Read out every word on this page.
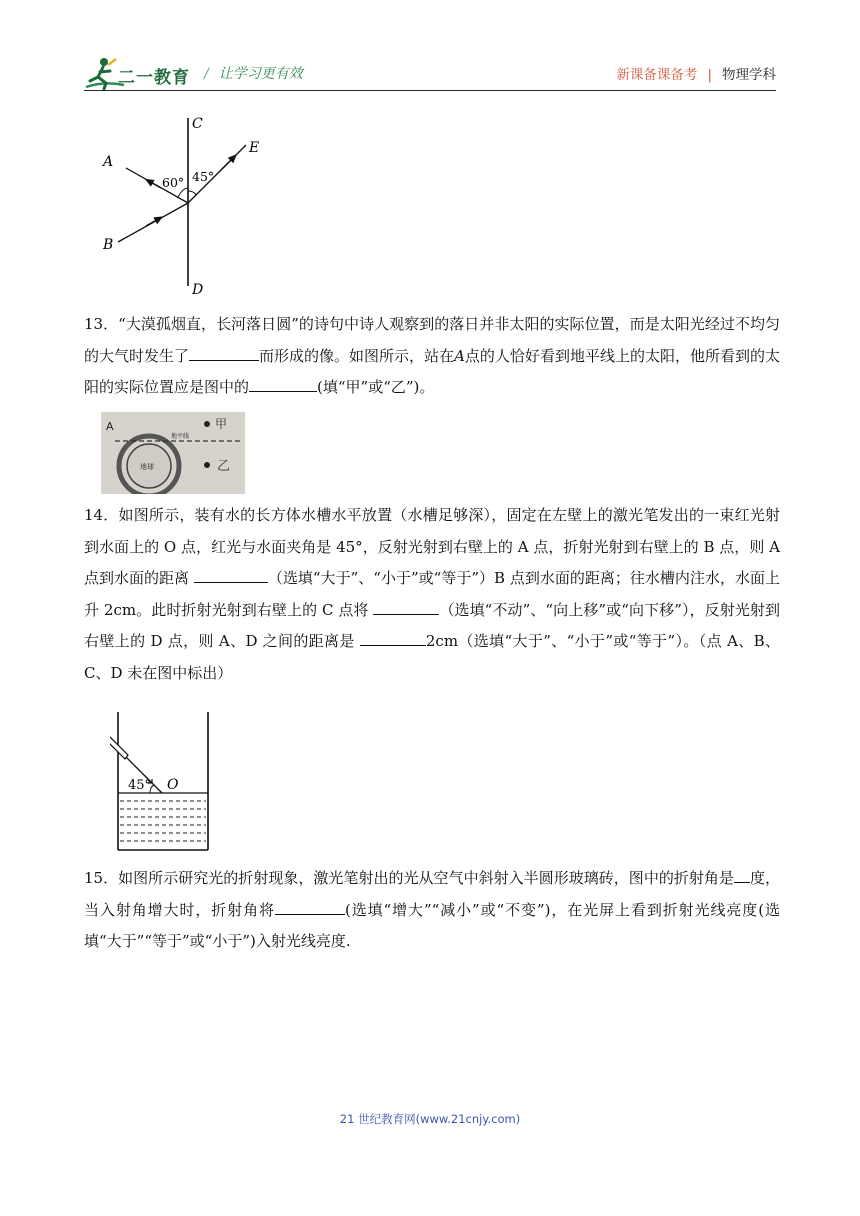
二一教育 / 让学习更有效	新课备课备考 | 物理学科
C
D
A
B
E
60° 45°

13．“大漠孤烟直，长河落日圆”的诗句中诗人观察到的落日并非太阳的实际位置，而是太阳光经过不均匀的大气时发生了	而形成的像。如图所示，站在A点的人恰好看到地平线上的太阳，他所看到的太阳的实际位置应是图中的	(填“甲”或“乙”)。

A
地平线
地球
甲
乙

14．如图所示，装有水的长方体水槽水平放置（水槽足够深），固定在左壁上的激光笔发出的一束红光射到水面上的 O 点，红光与水面夹角是 45°，反射光射到右壁上的 A 点，折射光射到右壁上的 B 点，则 A 点到水面的距离	（选填“大于”、“小于”或“等于”）B 点到水面的距离；往水槽内注水，水面上升 2cm。此时折射光射到右壁上的 C 点将	（选填“不动”、“向上移”或“向下移”），反射光射到右壁上的 D 点，则 A、D 之间的距离是	2cm（选填“大于”、“小于”或“等于”）。（点 A、B、C、D 未在图中标出）

45° O

15．如图所示研究光的折射现象，激光笔射出的光从空气中斜射入半圆形玻璃砖，图中的折射角是 度，当入射角增大时，折射角将	(选填“增大”“减小”或“不变”)，在光屏上看到折射光线亮度(选填“大于”“等于”或“小于”)入射光线亮度.

21 世纪教育网(www.21cnjy.com)
